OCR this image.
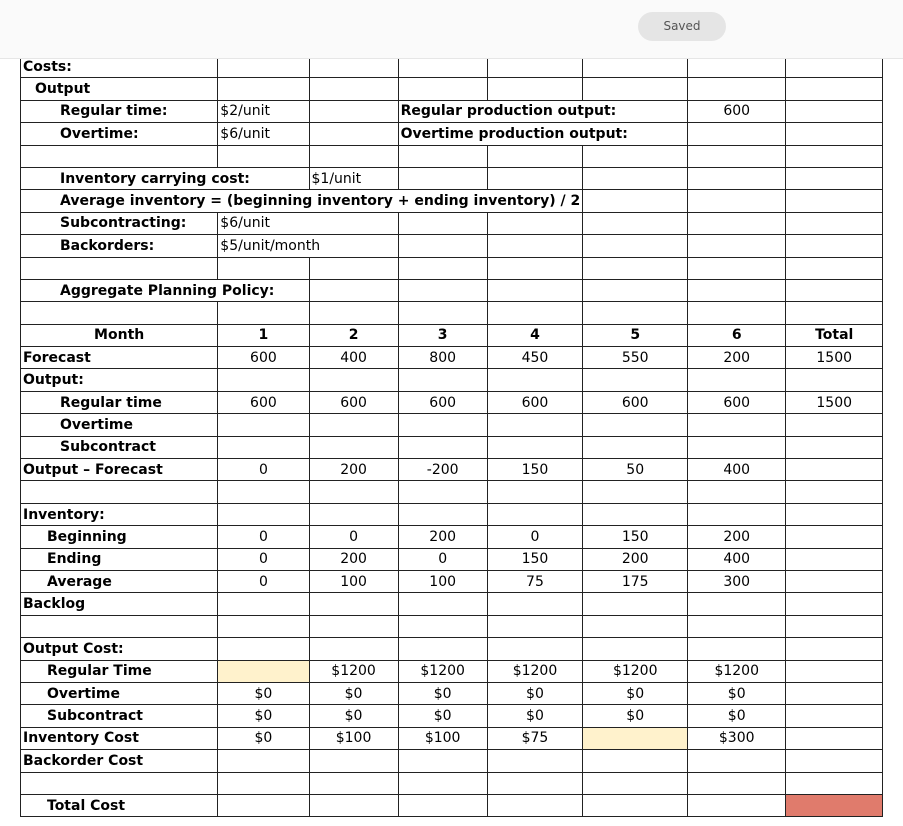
Saved
Costs:							
Output							
Regular time:	$2/unit		Regular production output:			600	
Overtime:	$6/unit		Overtime production output:				

Inventory carrying cost:		$1/unit					
Average inventory = (beginning inventory + ending inventory) / 2							
Subcontracting:	$6/unit						
Backorders:	$5/unit/month						

Aggregate Planning Policy:							

Month	1	2	3	4	5	6	Total
Forecast	600	400	800	450	550	200	1500
Output:							
Regular time	600	600	600	600	600	600	1500
Overtime							
Subcontract							
Output – Forecast	0	200	-200	150	50	400	

Inventory:							
Beginning	0	0	200	0	150	200	
Ending	0	200	0	150	200	400	
Average	0	100	100	75	175	300	
Backlog							

Output Cost:							
Regular Time		$1200	$1200	$1200	$1200	$1200	
Overtime	$0	$0	$0	$0	$0	$0	
Subcontract	$0	$0	$0	$0	$0	$0	
Inventory Cost	$0	$100	$100	$75		$300	
Backorder Cost							

Total Cost							
